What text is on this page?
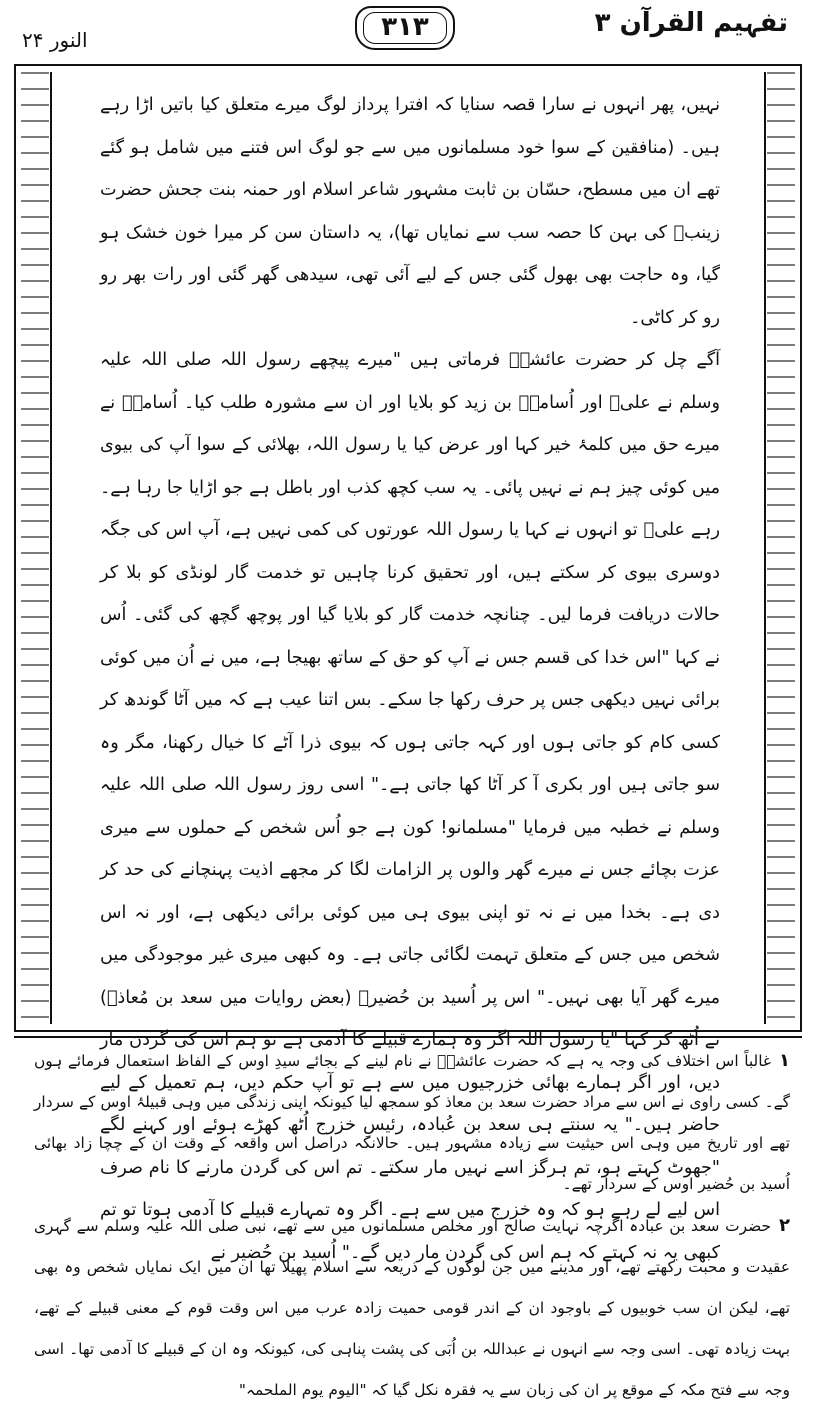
تفہیم القرآن ۳
۳۱۳
النور ۲۴

نہیں، پھر انہوں نے سارا قصہ سنایا کہ افترا پرداز لوگ میرے متعلق کیا باتیں اڑا رہے ہیں۔ (منافقین کے سوا خود مسلمانوں میں سے جو لوگ اس فتنے میں شامل ہو گئے تھے ان میں مسطح، حسّان بن ثابت مشہور شاعر اسلام اور حمنہ بنت جحش حضرت زینبؓ کی بہن کا حصہ سب سے نمایاں تھا)، یہ داستان سن کر میرا خون خشک ہو گیا، وہ حاجت بھی بھول گئی جس کے لیے آئی تھی، سیدھی گھر گئی اور رات بھر رو رو کر کاٹی۔

آگے چل کر حضرت عائشہؓ فرماتی ہیں "میرے پیچھے رسول اللہ صلی اللہ علیہ وسلم نے علیؓ اور اُسامہؓ بن زید کو بلایا اور ان سے مشورہ طلب کیا۔ اُسامہؓ نے میرے حق میں کلمۂ خیر کہا اور عرض کیا یا رسول اللہ، بھلائی کے سوا آپ کی بیوی میں کوئی چیز ہم نے نہیں پائی۔ یہ سب کچھ کذب اور باطل ہے جو اڑایا جا رہا ہے۔ رہے علیؓ تو انہوں نے کہا یا رسول اللہ عورتوں کی کمی نہیں ہے، آپ اس کی جگہ دوسری بیوی کر سکتے ہیں، اور تحقیق کرنا چاہیں تو خدمت گار لونڈی کو بلا کر حالات دریافت فرما لیں۔ چنانچہ خدمت گار کو بلایا گیا اور پوچھ گچھ کی گئی۔ اُس نے کہا "اس خدا کی قسم جس نے آپ کو حق کے ساتھ بھیجا ہے، میں نے اُن میں کوئی برائی نہیں دیکھی جس پر حرف رکھا جا سکے۔ بس اتنا عیب ہے کہ میں آٹا گوندھ کر کسی کام کو جاتی ہوں اور کہہ جاتی ہوں کہ بیوی ذرا آٹے کا خیال رکھنا، مگر وہ سو جاتی ہیں اور بکری آ کر آٹا کھا جاتی ہے۔" اسی روز رسول اللہ صلی اللہ علیہ وسلم نے خطبہ میں فرمایا "مسلمانو! کون ہے جو اُس شخص کے حملوں سے میری عزت بچائے جس نے میرے گھر والوں پر الزامات لگا کر مجھے اذیت پہنچانے کی حد کر دی ہے۔ بخدا میں نے نہ تو اپنی بیوی ہی میں کوئی برائی دیکھی ہے، اور نہ اس شخص میں جس کے متعلق تہمت لگائی جاتی ہے۔ وہ کبھی میری غیر موجودگی میں میرے گھر آیا بھی نہیں۔" اس پر اُسید بن حُضیرؓ (بعض روایات میں سعد بن مُعاذؓ) نے اُٹھ کر کہا "یا رسول اللہ اگر وہ ہمارے قبیلے کا آدمی ہے تو ہم اس کی گردن مار دیں، اور اگر ہمارے بھائی خزرجیوں میں سے ہے تو آپ حکم دیں، ہم تعمیل کے لیے حاضر ہیں۔" یہ سنتے ہی سعد بن عُبادہ، رئیسِ خزرج اُٹھ کھڑے ہوئے اور کہنے لگے "جھوٹ کہتے ہو، تم ہرگز اسے نہیں مار سکتے۔ تم اس کی گردن مارنے کا نام صرف اس لیے لے رہے ہو کہ وہ خزرج میں سے ہے۔ اگر وہ تمہارے قبیلے کا آدمی ہوتا تو تم کبھی یہ نہ کہتے کہ ہم اس کی گردن مار دیں گے۔" اُسید بن حُضیر نے

۱غالباً اس اختلاف کی وجہ یہ ہے کہ حضرت عائشہؓ نے نام لینے کے بجائے سیدِ اوس کے الفاظ استعمال فرمائے ہوں گے۔ کسی راوی نے اس سے مراد حضرت سعد بن معاذ کو سمجھ لیا کیونکہ اپنی زندگی میں وہی قبیلۂ اوس کے سردار تھے اور تاریخ میں وہی اس حیثیت سے زیادہ مشہور ہیں۔ حالانکہ دراصل اس واقعہ کے وقت ان کے چچا زاد بھائی اُسید بن حُضیر اوس کے سردار تھے۔

۲حضرت سعد بن عبادہ اگرچہ نہایت صالح اور مخلص مسلمانوں میں سے تھے، نبی صلی اللہ علیہ وسلم سے گہری عقیدت و محبت رکھتے تھے، اور مدینے میں جن لوگوں کے ذریعہ سے اسلام پھیلا تھا ان میں ایک نمایاں شخص وہ بھی تھے، لیکن ان سب خوبیوں کے باوجود ان کے اندر قومی حمیت زادہ عرب میں اس وقت قوم کے معنی قبیلے کے تھے، بہت زیادہ تھی۔ اسی وجہ سے انہوں نے عبداللہ بن اُبَی کی پشت پناہی کی، کیونکہ وہ ان کے قبیلے کا آدمی تھا۔ اسی وجہ سے فتح مکہ کے موقع پر ان کی زبان سے یہ فقرہ نکل گیا کہ "الیوم یوم الملحمہ"
